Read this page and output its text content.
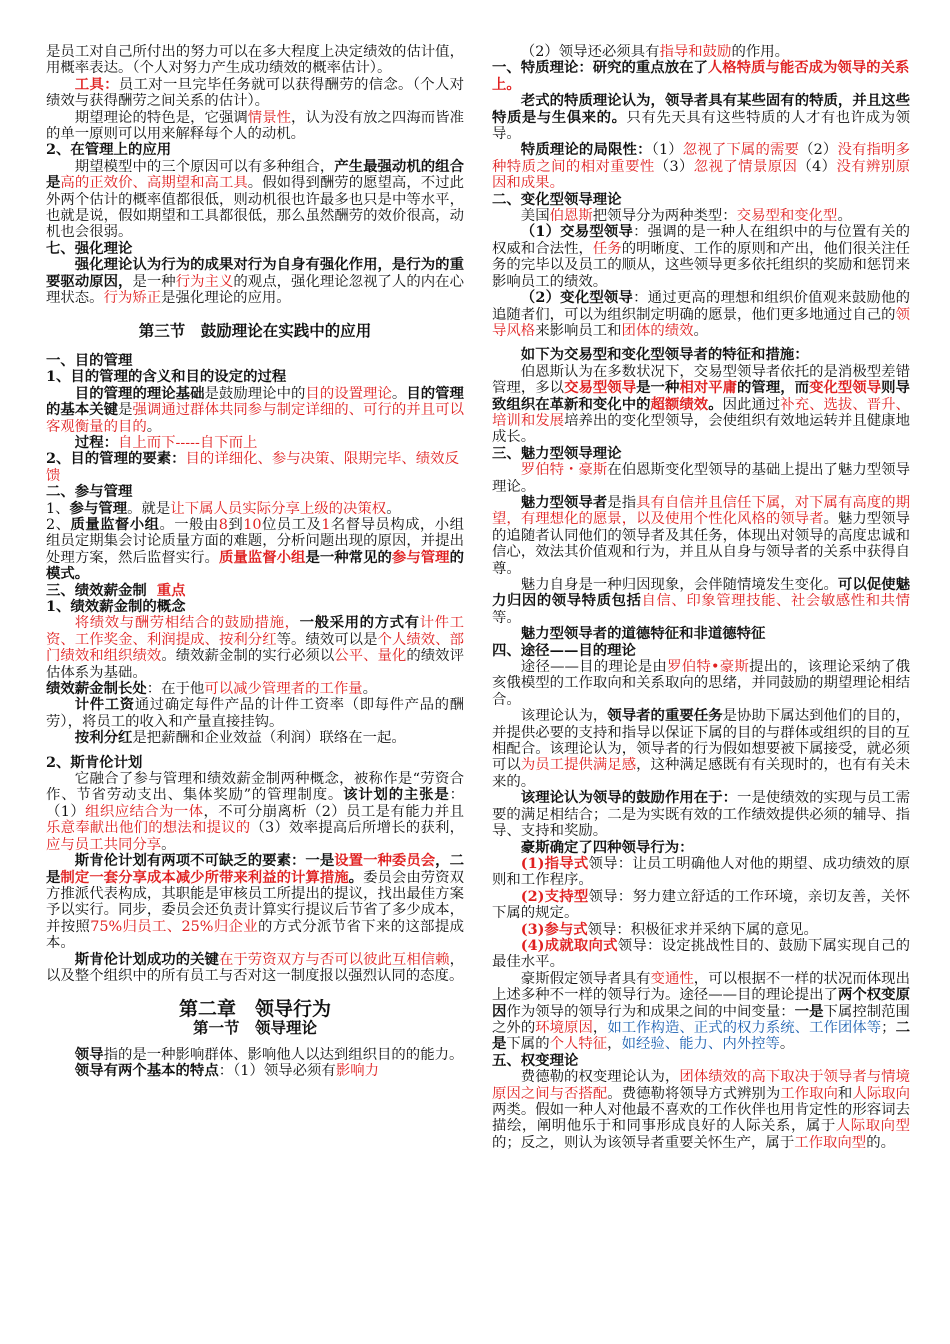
是员工对自己所付出的努力可以在多大程度上决定绩效的估计值，用概率表达。（个人对努力产生成功绩效的概率估计）。

工具：员工对一旦完毕任务就可以获得酬劳的信念。（个人对绩效与获得酬劳之间关系的估计）。

期望理论的特色是，它强调情景性，认为没有放之四海而皆准的单一原则可以用来解释每个人的动机。

2、在管理上的应用

期望模型中的三个原因可以有多种组合，产生最强动机的组合是高的正效价、高期望和高工具。假如得到酬劳的愿望高，不过此外两个估计的概率值都很低，则动机很也许最多也只是中等水平，也就是说，假如期望和工具都很低，那么虽然酬劳的效价很高，动机也会很弱。

七、强化理论

强化理论认为行为的成果对行为自身有强化作用，是行为的重要驱动原因，是一种行为主义的观点，强化理论忽视了人的内在心理状态。行为矫正是强化理论的应用。

第三节　鼓励理论在实践中的应用

一、目的管理

1、目的管理的含义和目的设定的过程

目的管理的理论基础是鼓励理论中的目的设置理论。目的管理的基本关键是强调通过群体共同参与制定详细的、可行的并且可以客观衡量的目的。

过程：自上而下-----自下而上

2、目的管理的要素：目的详细化、参与决策、限期完毕、绩效反馈

二、参与管理

1、参与管理。就是让下属人员实际分享上级的决策权。

2、质量监督小组。一般由8到10位员工及1名督导员构成，小组组员定期集会讨论质量方面的难题，分析问题出现的原因，并提出处理方案，然后监督实行。质量监督小组是一种常见的参与管理的模式。

三、绩效薪金制 重点

1、绩效薪金制的概念

将绩效与酬劳相结合的鼓励措施，一般采用的方式有计件工资、工作奖金、利润提成、按利分红等。绩效可以是个人绩效、部门绩效和组织绩效。绩效薪金制的实行必须以公平、量化的绩效评估体系为基础。

绩效薪金制长处：在于他可以减少管理者的工作量。

计件工资通过确定每件产品的计件工资率（即每件产品的酬劳），将员工的收入和产量直接挂钩。

按利分红是把薪酬和企业效益（利润）联络在一起。

2、斯肯伦计划

它融合了参与管理和绩效薪金制两种概念，被称作是“劳资合作、节省劳动支出、集体奖励”的管理制度。该计划的主张是：（1）组织应结合为一体，不可分崩离析（2）员工是有能力并且乐意奉献出他们的想法和提议的（3）效率提高后所增长的获利，应与员工共同分享。

斯肯伦计划有两项不可缺乏的要素：一是设置一种委员会，二是制定一套分享成本减少所带来利益的计算措施。委员会由劳资双方推派代表构成，其职能是审核员工所提出的提议，找出最佳方案予以实行。同步，委员会还负责计算实行提议后节省了多少成本，并按照75%归员工、25%归企业的方式分派节省下来的这部提成本。

斯肯伦计划成功的关键在于劳资双方与否可以彼此互相信赖，以及整个组织中的所有员工与否对这一制度报以强烈认同的态度。

第二章　领导行为

第一节　领导理论

领导指的是一种影响群体、影响他人以达到组织目的的能力。

领导有两个基本的特点：（1）领导必须有影响力

（2）领导还必须具有指导和鼓励的作用。

一、特质理论：研究的重点放在了人格特质与能否成为领导的关系上。

老式的特质理论认为，领导者具有某些固有的特质，并且这些特质是与生俱来的。只有先天具有这些特质的人才有也许成为领导。

特质理论的局限性：（1）忽视了下属的需要（2）没有指明多种特质之间的相对重要性（3）忽视了情景原因（4）没有辨别原因和成果。

二、变化型领导理论

美国伯恩斯把领导分为两种类型：交易型和变化型。

（1）交易型领导：强调的是一种人在组织中的与位置有关的权威和合法性，任务的明晰度、工作的原则和产出，他们很关注任务的完毕以及员工的顺从，这些领导更多依托组织的奖励和惩罚来影响员工的绩效。

（2）变化型领导：通过更高的理想和组织价值观来鼓励他的追随者们，可以为组织制定明确的愿景，他们更多地通过自己的领导风格来影响员工和团体的绩效。

如下为交易型和变化型领导者的特征和措施：

伯恩斯认为在多数状况下，交易型领导者依托的是消极型差错管理，多以交易型领导是一种相对平庸的管理，而变化型领导则导致组织在革新和变化中的超额绩效。因此通过补充、选拔、晋升、培训和发展培养出的变化型领导，会使组织有效地运转并且健康地成长。

三、魅力型领导理论

罗伯特・豪斯在伯恩斯变化型领导的基础上提出了魅力型领导理论。

魅力型领导者是指具有自信并且信任下属，对下属有高度的期望，有理想化的愿景，以及使用个性化风格的领导者。魅力型领导的追随者认同他们的领导者及其任务，体现出对领导的高度忠诚和信心，效法其价值观和行为，并且从自身与领导者的关系中获得自尊。

魅力自身是一种归因现象，会伴随情境发生变化。可以促使魅力归因的领导特质包括自信、印象管理技能、社会敏感性和共情等。

魅力型领导者的道德特征和非道德特征

四、途径——目的理论

途径——目的理论是由罗伯特•豪斯提出的，该理论采纳了俄亥俄模型的工作取向和关系取向的思绪，并同鼓励的期望理论相结合。

该理论认为，领导者的重要任务是协助下属达到他们的目的，并提供必要的支持和指导以保证下属的目的与群体或组织的目的互相配合。该理论认为，领导者的行为假如想要被下属接受，就必须可以为员工提供满足感，这种满足感既有有关现时的，也有有关未来的。

该理论认为领导的鼓励作用在于：一是使绩效的实现与员工需要的满足相结合；二是为实既有效的工作绩效提供必须的辅导、指导、支持和奖励。

豪斯确定了四种领导行为：

(1)指导式领导：让员工明确他人对他的期望、成功绩效的原则和工作程序。

(2)支持型领导：努力建立舒适的工作环境，亲切友善，关怀下属的规定。

(3)参与式领导：积极征求并采纳下属的意见。

(4)成就取向式领导：设定挑战性目的、鼓励下属实现自己的最佳水平。

豪斯假定领导者具有变通性，可以根据不一样的状况而体现出上述多种不一样的领导行为。途径——目的理论提出了两个权变原因作为领导的领导行为和成果之间的中间变量：一是下属控制范围之外的环境原因，如工作构造、正式的权力系统、工作团体等；二是下属的个人特征，如经验、能力、内外控等。

五、权变理论

费德勒的权变理论认为，团体绩效的高下取决于领导者与情境原因之间与否搭配。费德勒将领导方式辨别为工作取向和人际取向两类。假如一种人对他最不喜欢的工作伙伴也用肯定性的形容词去描绘，阐明他乐于和同事形成良好的人际关系，属于人际取向型的；反之，则认为该领导者重要关怀生产，属于工作取向型的。
